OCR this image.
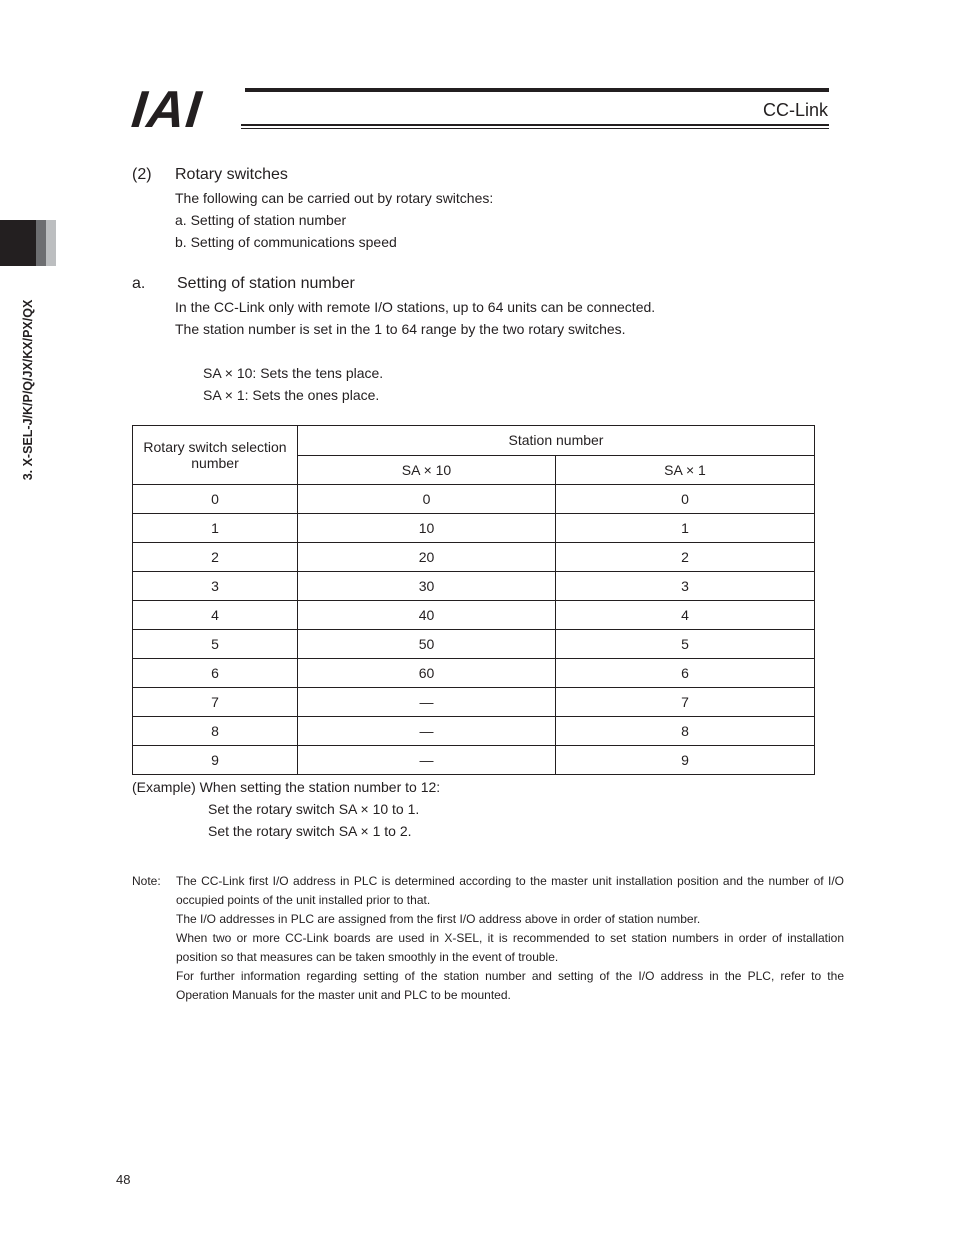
IAI	CC-Link
3. X-SEL-J/K/P/Q/JX/KX/PX/QX
(2) Rotary switches
The following can be carried out by rotary switches:
a. Setting of station number
b. Setting of communications speed
a. Setting of station number
In the CC-Link only with remote I/O stations, up to 64 units can be connected.
The station number is set in the 1 to 64 range by the two rotary switches.
SA × 10: Sets the tens place.
SA × 1: Sets the ones place.
Rotary switch selection number	Station number	
	SA × 10	SA × 1
0	0	0
1	10	1
2	20	2
3	30	3
4	40	4
5	50	5
6	60	6
7	—	7
8	—	8
9	—	9
(Example) When setting the station number to 12:
Set the rotary switch SA × 10 to 1.
Set the rotary switch SA × 1 to 2.
Note: The CC-Link first I/O address in PLC is determined according to the master unit installation position and the number of I/O occupied points of the unit installed prior to that.
The I/O addresses in PLC are assigned from the first I/O address above in order of station number.
When two or more CC-Link boards are used in X-SEL, it is recommended to set station numbers in order of installation position so that measures can be taken smoothly in the event of trouble.
For further information regarding setting of the station number and setting of the I/O address in the PLC, refer to the Operation Manuals for the master unit and PLC to be mounted.
48
